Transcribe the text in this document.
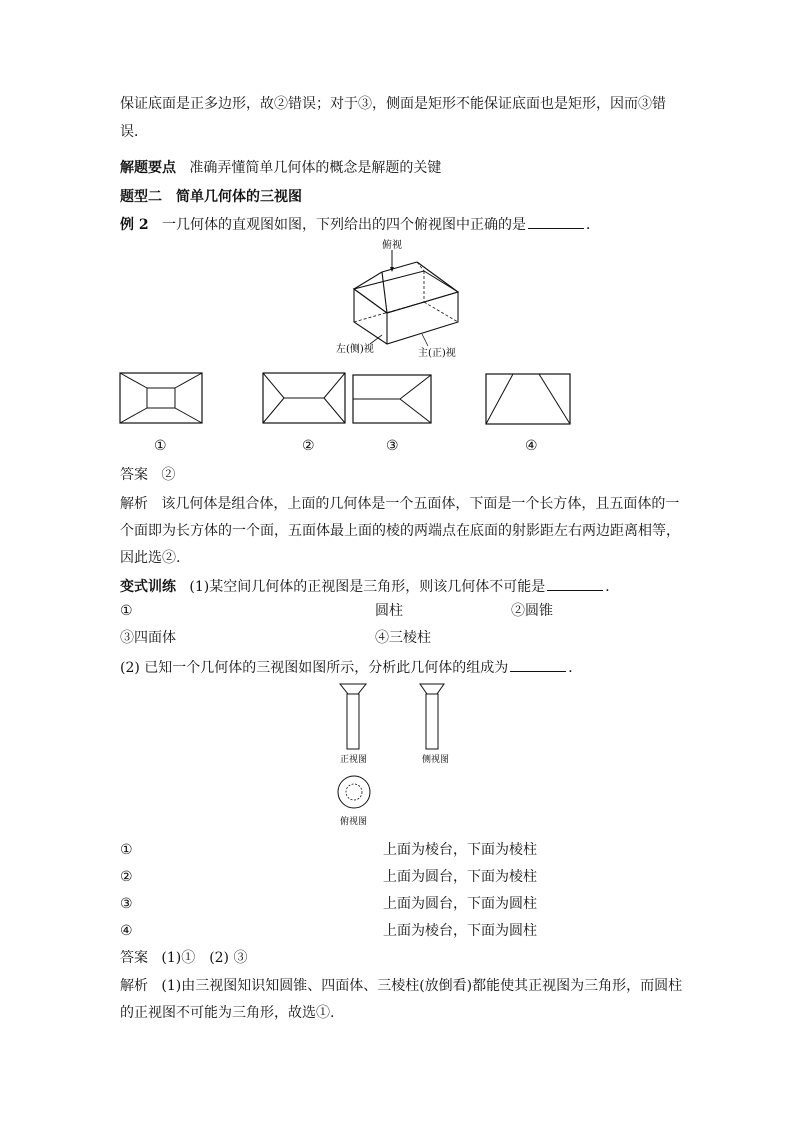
保证底面是正多边形，故②错误；对于③，侧面是矩形不能保证底面也是矩形，因而③错
误．
解题要点 准确弄懂简单几何体的概念是解题的关键
题型二　简单几何体的三视图
例 2 一几何体的直观图如图，下列给出的四个俯视图中正确的是	．
俯视
左(侧)视	主(正)视
①	②	③	④
答案 ②
解析 该几何体是组合体，上面的几何体是一个五面体，下面是一个长方体，且五面体的一
个面即为长方体的一个面，五面体最上面的棱的两端点在底面的射影距左右两边距离相等，
因此选②.
变式训练 (1)某空间几何体的正视图是三角形，则该几何体不可能是	．
①	圆柱	②圆锥
③四面体	④三棱柱
(2) 已知一个几何体的三视图如图所示，分析此几何体的组成为	．
正视图	侧视图
俯视图
①	上面为棱台，下面为棱柱
②	上面为圆台，下面为棱柱
③	上面为圆台，下面为圆柱
④	上面为棱台，下面为圆柱
答案 (1)①　(2) ③
解析 (1)由三视图知识知圆锥、四面体、三棱柱(放倒看)都能使其正视图为三角形，而圆柱
的正视图不可能为三角形，故选①.
